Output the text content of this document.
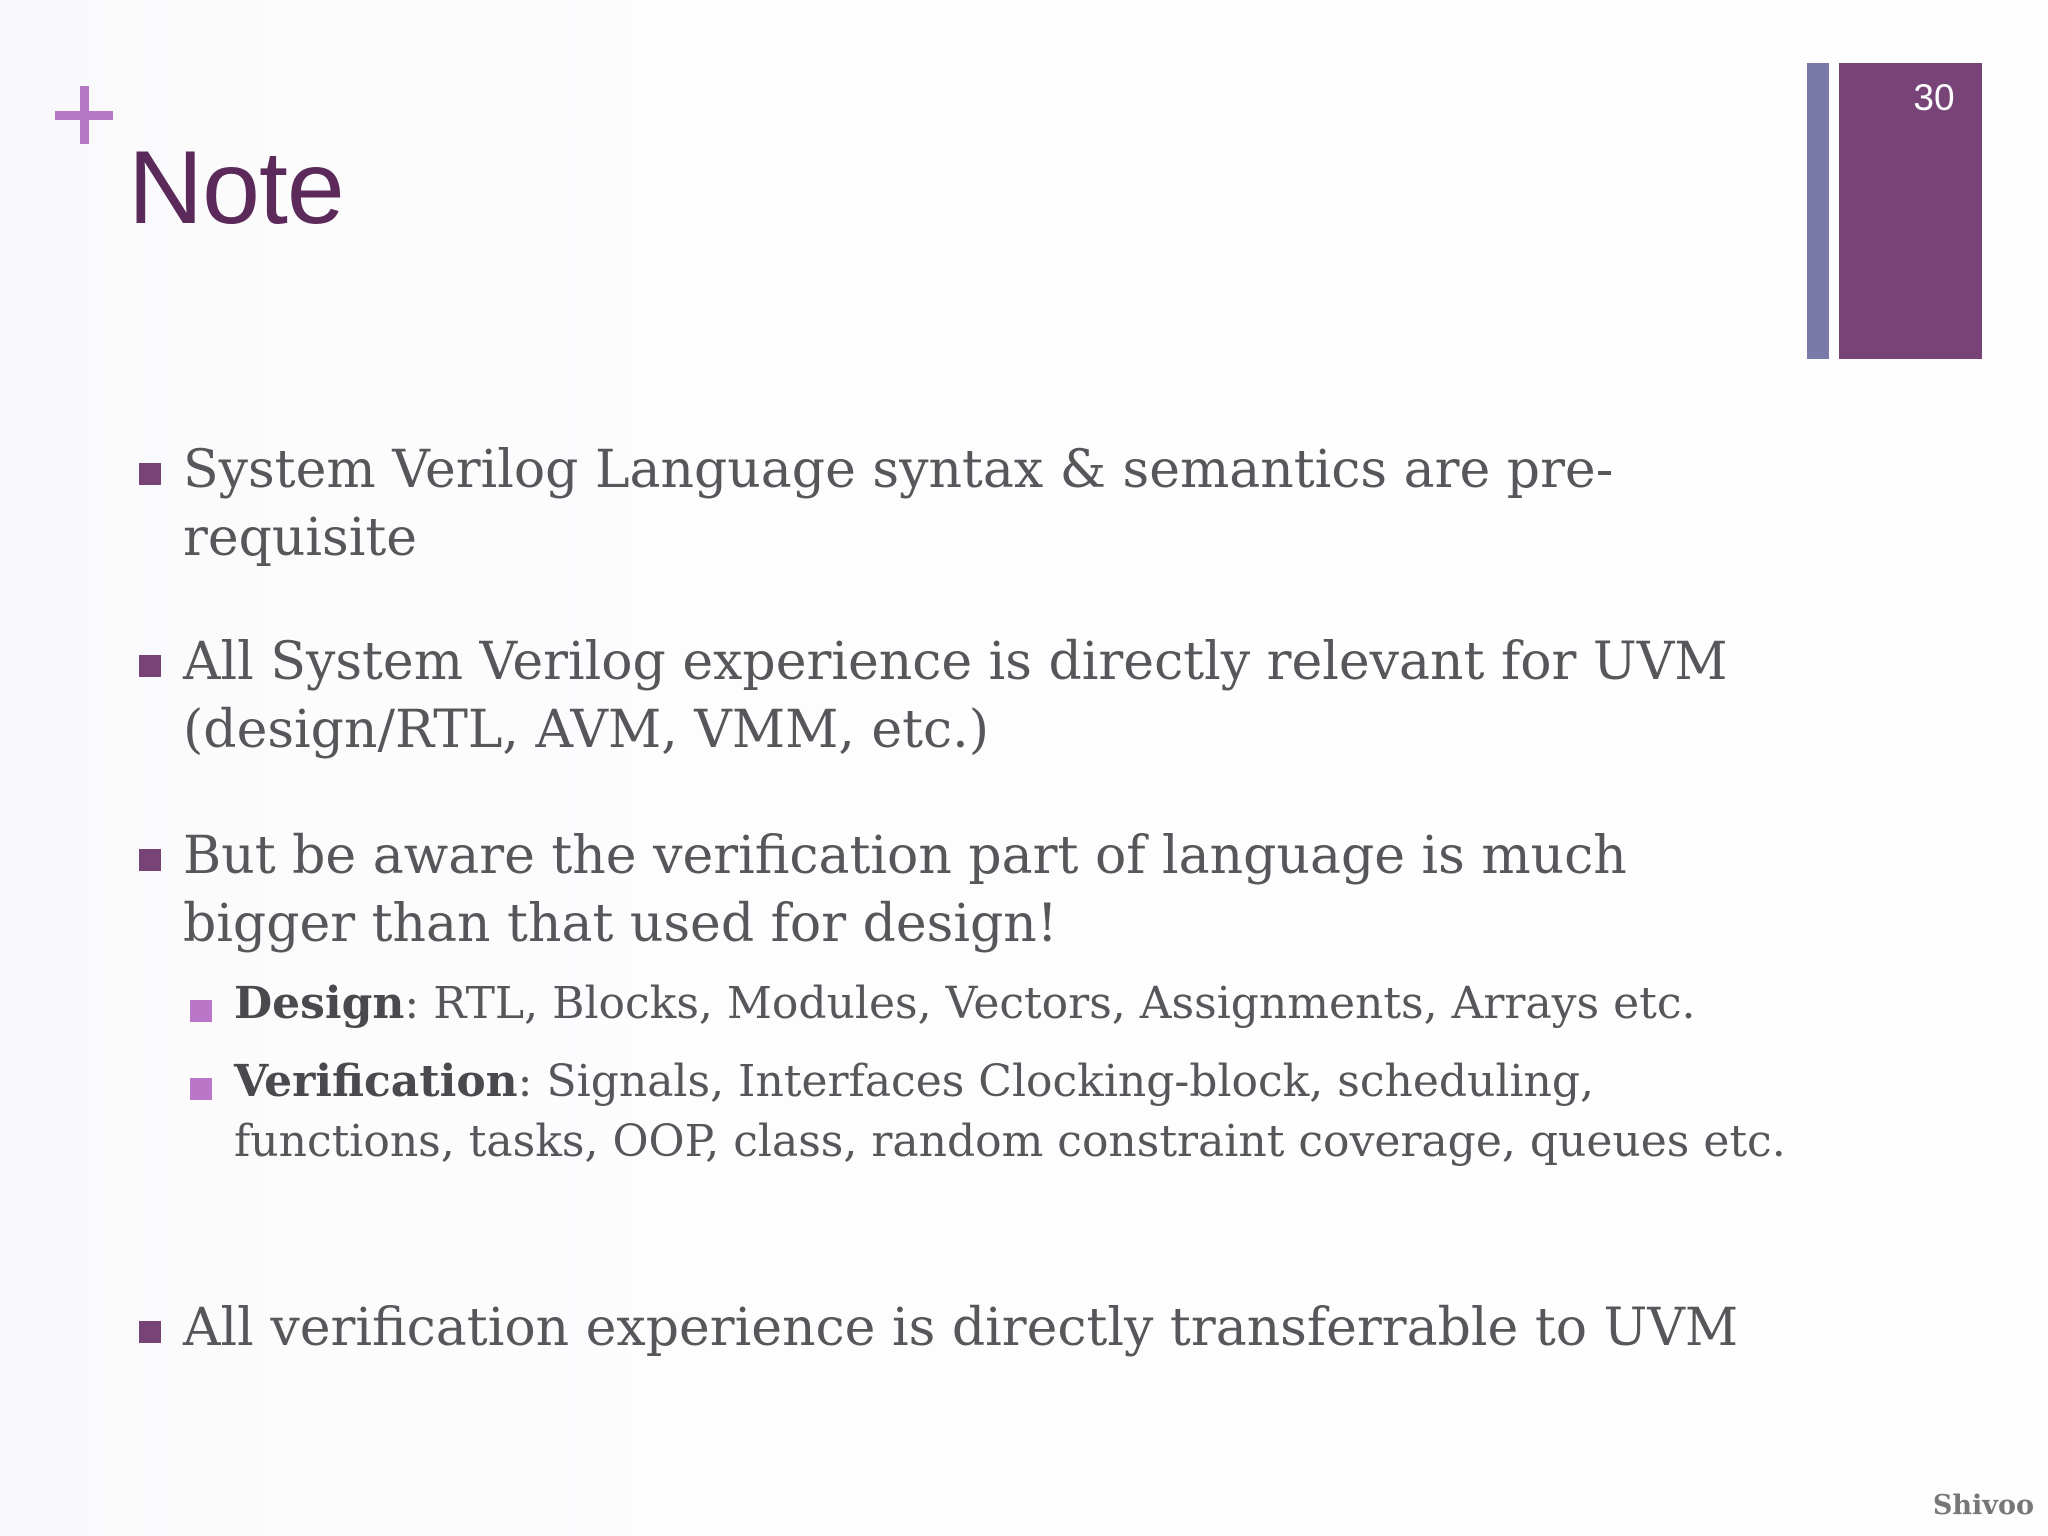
Note
30
System Verilog Language syntax & semantics are pre-requisite
All System Verilog experience is directly relevant for UVM (design/RTL, AVM, VMM, etc.)
But be aware the verification part of language is much bigger than that used for design!
Design: RTL, Blocks, Modules, Vectors, Assignments, Arrays etc.
Verification: Signals, Interfaces Clocking-block, scheduling, functions, tasks, OOP, class, random constraint coverage, queues etc.
All verification experience is directly transferrable to UVM
Shivoo
